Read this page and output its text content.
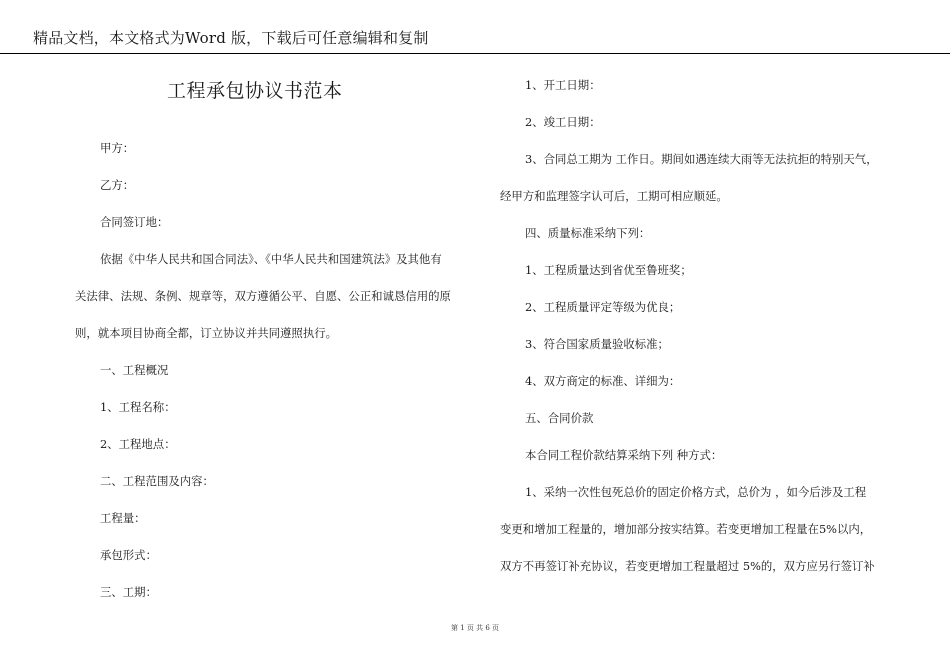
精品文档，本文格式为Word 版，下载后可任意编辑和复制
工程承包协议书范本
甲方：
乙方：
合同签订地：
依据《中华人民共和国合同法》、《中华人民共和国建筑法》及其他有
关法律、法规、条例、规章等，双方遵循公平、自愿、公正和诚恳信用的原
则，就本项目协商全都，订立协议并共同遵照执行。
一、工程概况
1、工程名称：
2、工程地点：
二、工程范围及内容：
工程量：
承包形式：
三、工期：
1、开工日期：
2、竣工日期：
3、合同总工期为 工作日。期间如遇连续大雨等无法抗拒的特别天气，
经甲方和监理签字认可后，工期可相应顺延。
四、质量标准采纳下列：
1、工程质量达到省优至鲁班奖；
2、工程质量评定等级为优良；
3、符合国家质量验收标准；
4、双方商定的标准、详细为：
五、合同价款
本合同工程价款结算采纳下列 种方式：
1、采纳一次性包死总价的固定价格方式，总价为 ，如今后涉及工程
变更和增加工程量的，增加部分按实结算。若变更增加工程量在5%以内，
双方不再签订补充协议，若变更增加工程量超过 5%的，双方应另行签订补
第 1 页 共 6 页
